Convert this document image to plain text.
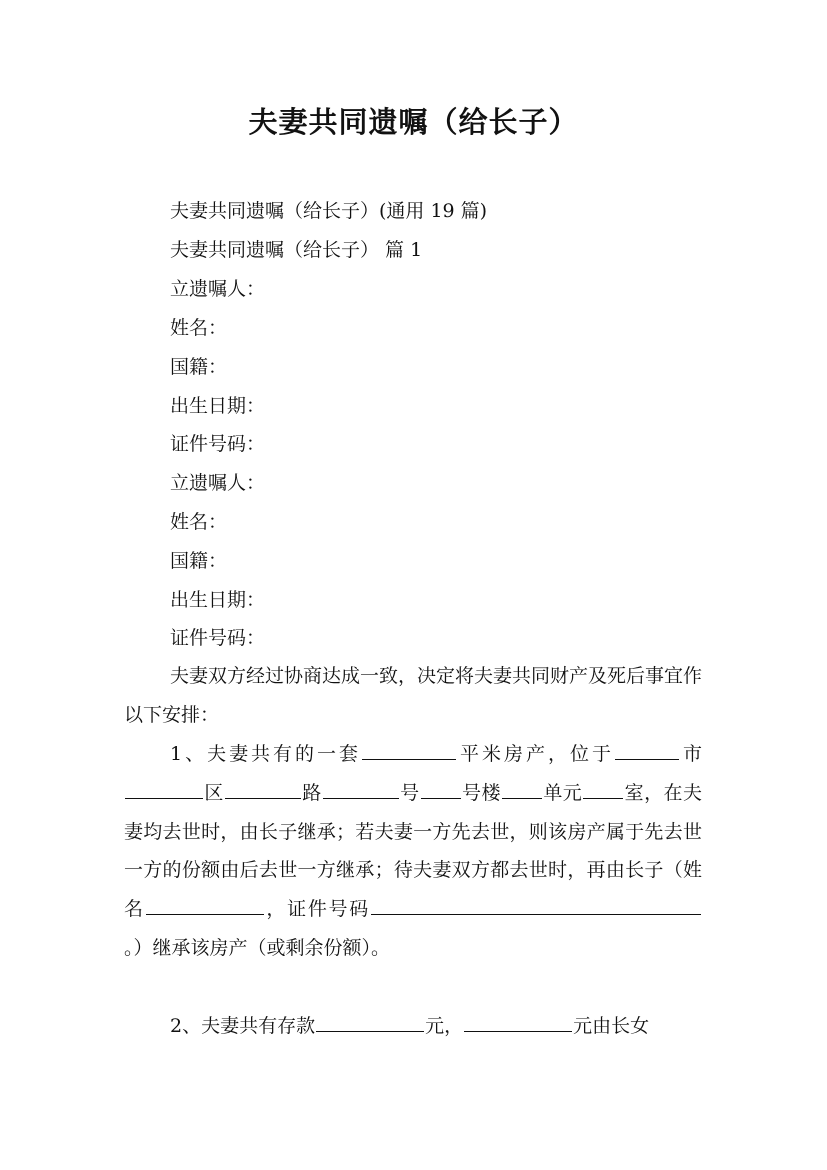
夫妻共同遗嘱（给长子）
夫妻共同遗嘱（给长子）(通用 19 篇)
夫妻共同遗嘱（给长子） 篇 1
立遗嘱人：
姓名：
国籍：
出生日期：
证件号码：
立遗嘱人：
姓名：
国籍：
出生日期：
证件号码：
夫妻双方经过协商达成一致，决定将夫妻共同财产及死后事宜作以下安排：
1、夫妻共有的一套	平米房产，位于	市区	路	号 号楼 单元 室，在夫妻均去世时，由长子继承；若夫妻一方先去世，则该房产属于先去世一方的份额由后去世一方继承；待夫妻双方都去世时，再由长子（姓名	，证件号码。）继承该房产（或剩余份额）。
2、夫妻共有存款	元，	元由长女
